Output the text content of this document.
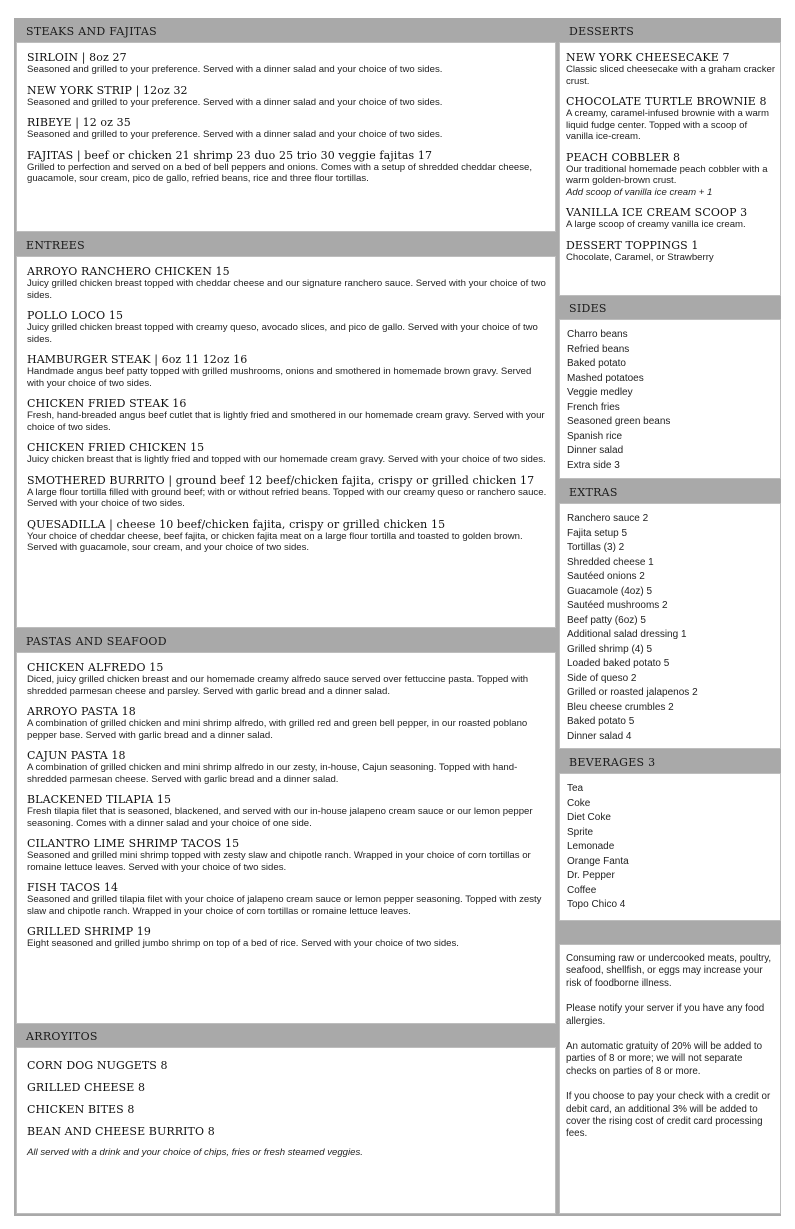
STEAKS AND FAJITAS
SIRLOIN | 8oz 27
Seasoned and grilled to your preference. Served with a dinner salad and your choice of two sides.
NEW YORK STRIP | 12oz 32
Seasoned and grilled to your preference. Served with a dinner salad and your choice of two sides.
RIBEYE | 12 oz 35
Seasoned and grilled to your preference. Served with a dinner salad and your choice of two sides.
FAJITAS | beef or chicken 21 shrimp 23 duo 25 trio 30 veggie fajitas 17
Grilled to perfection and served on a bed of bell peppers and onions. Comes with a setup of shredded cheddar cheese, guacamole, sour cream, pico de gallo, refried beans, rice and three flour tortillas.
ENTREES
ARROYO RANCHERO CHICKEN 15
Juicy grilled chicken breast topped with cheddar cheese and our signature ranchero sauce. Served with your choice of two sides.
POLLO LOCO 15
Juicy grilled chicken breast topped with creamy queso, avocado slices, and pico de gallo. Served with your choice of two sides.
HAMBURGER STEAK | 6oz 11 12oz 16
Handmade angus beef patty topped with grilled mushrooms, onions and smothered in homemade brown gravy. Served with your choice of two sides.
CHICKEN FRIED STEAK 16
Fresh, hand-breaded angus beef cutlet that is lightly fried and smothered in our homemade cream gravy. Served with your choice of two sides.
CHICKEN FRIED CHICKEN 15
Juicy chicken breast that is lightly fried and topped with our homemade cream gravy. Served with your choice of two sides.
SMOTHERED BURRITO | ground beef 12 beef/chicken fajita, crispy or grilled chicken 17
A large flour tortilla filled with ground beef; with or without refried beans. Topped with our creamy queso or ranchero sauce. Served with your choice of two sides.
QUESADILLA | cheese 10 beef/chicken fajita, crispy or grilled chicken 15
Your choice of cheddar cheese, beef fajita, or chicken fajita meat on a large flour tortilla and toasted to golden brown. Served with guacamole, sour cream, and your choice of two sides.
PASTAS AND SEAFOOD
CHICKEN ALFREDO 15
Diced, juicy grilled chicken breast and our homemade creamy alfredo sauce served over fettuccine pasta. Topped with shredded parmesan cheese and parsley. Served with garlic bread and a dinner salad.
ARROYO PASTA 18
A combination of grilled chicken and mini shrimp alfredo, with grilled red and green bell pepper, in our roasted poblano pepper base. Served with garlic bread and a dinner salad.
CAJUN PASTA 18
A combination of grilled chicken and mini shrimp alfredo in our zesty, in-house, Cajun seasoning. Topped with hand-shredded parmesan cheese. Served with garlic bread and a dinner salad.
BLACKENED TILAPIA 15
Fresh tilapia filet that is seasoned, blackened, and served with our in-house jalapeno cream sauce or our lemon pepper seasoning. Comes with a dinner salad and your choice of one side.
CILANTRO LIME SHRIMP TACOS 15
Seasoned and grilled mini shrimp topped with zesty slaw and chipotle ranch. Wrapped in your choice of corn tortillas or romaine lettuce leaves. Served with your choice of two sides.
FISH TACOS 14
Seasoned and grilled tilapia filet with your choice of jalapeno cream sauce or lemon pepper seasoning. Topped with zesty slaw and chipotle ranch. Wrapped in your choice of corn tortillas or romaine lettuce leaves.
GRILLED SHRIMP 19
Eight seasoned and grilled jumbo shrimp on top of a bed of rice. Served with your choice of two sides.
ARROYITOS
CORN DOG NUGGETS 8
GRILLED CHEESE 8
CHICKEN BITES 8
BEAN AND CHEESE BURRITO 8
All served with a drink and your choice of chips, fries or fresh steamed veggies.
DESSERTS
NEW YORK CHEESECAKE 7
Classic sliced cheesecake with a graham cracker crust.
CHOCOLATE TURTLE BROWNIE 8
A creamy, caramel-infused brownie with a warm liquid fudge center. Topped with a scoop of vanilla ice-cream.
PEACH COBBLER 8
Our traditional homemade peach cobbler with a warm golden-brown crust.
Add scoop of vanilla ice cream + 1
VANILLA ICE CREAM SCOOP 3
A large scoop of creamy vanilla ice cream.
DESSERT TOPPINGS 1
Chocolate, Caramel, or Strawberry
SIDES
Charro beans
Refried beans
Baked potato
Mashed potatoes
Veggie medley
French fries
Seasoned green beans
Spanish rice
Dinner salad
Extra side 3
EXTRAS
Ranchero sauce 2
Fajita setup 5
Tortillas (3) 2
Shredded cheese 1
Sautéed onions 2
Guacamole (4oz) 5
Sautéed mushrooms 2
Beef patty (6oz) 5
Additional salad dressing 1
Grilled shrimp (4) 5
Loaded baked potato 5
Side of queso 2
Grilled or roasted jalapenos 2
Bleu cheese crumbles 2
Baked potato 5
Dinner salad 4
BEVERAGES 3
Tea
Coke
Diet Coke
Sprite
Lemonade
Orange Fanta
Dr. Pepper
Coffee
Topo Chico 4

Consuming raw or undercooked meats, poultry, seafood, shellfish, or eggs may increase your risk of foodborne illness.

Please notify your server if you have any food allergies.

An automatic gratuity of 20% will be added to parties of 8 or more; we will not separate checks on parties of 8 or more.

If you choose to pay your check with a credit or debit card, an additional 3% will be added to cover the rising cost of credit card processing fees.
